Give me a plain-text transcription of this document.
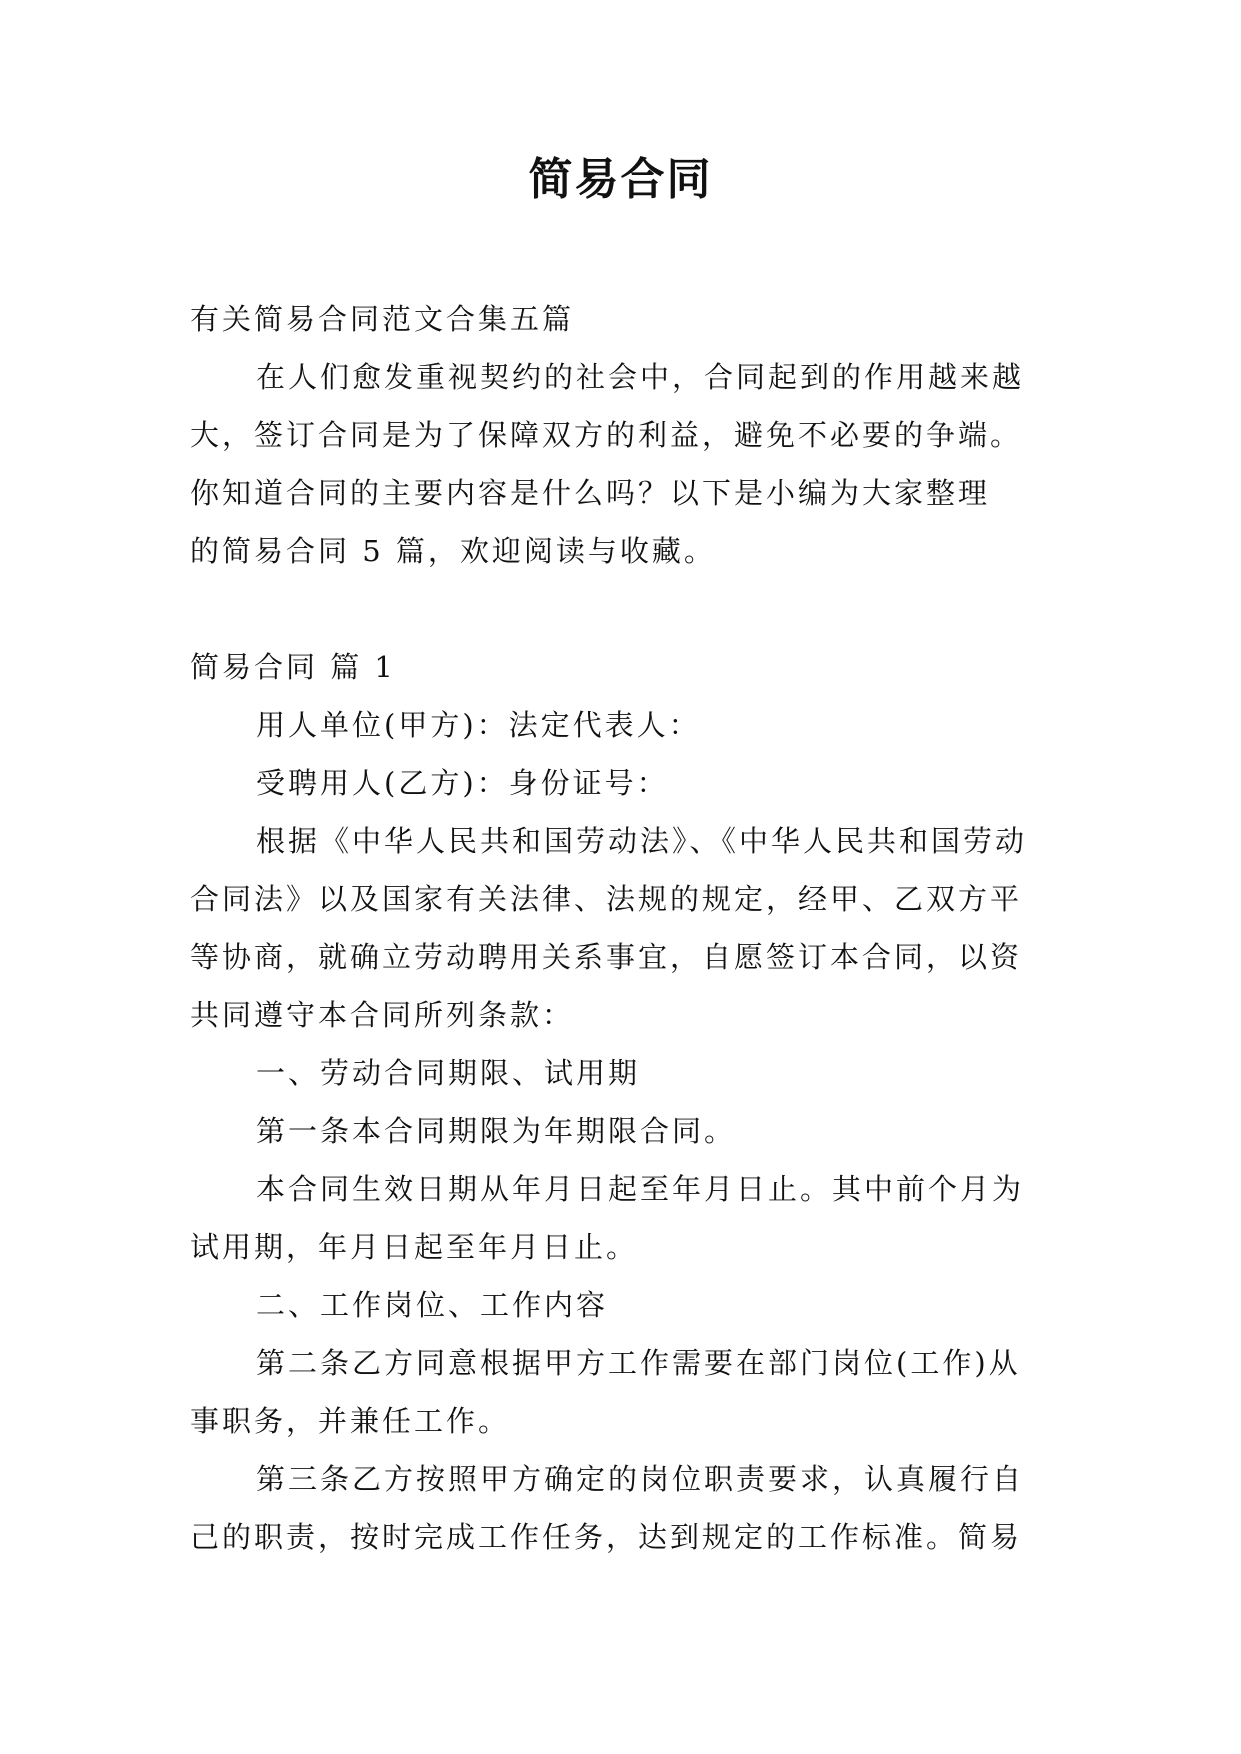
简易合同
有关简易合同范文合集五篇
在人们愈发重视契约的社会中，合同起到的作用越来越
大，签订合同是为了保障双方的利益，避免不必要的争端。
你知道合同的主要内容是什么吗？以下是小编为大家整理
的简易合同 5 篇，欢迎阅读与收藏。
简易合同 篇 1
用人单位(甲方)：法定代表人：
受聘用人(乙方)：身份证号：
根据《中华人民共和国劳动法》、《中华人民共和国劳动
合同法》以及国家有关法律、法规的规定，经甲、乙双方平
等协商，就确立劳动聘用关系事宜，自愿签订本合同，以资
共同遵守本合同所列条款：
一、劳动合同期限、试用期
第一条本合同期限为年期限合同。
本合同生效日期从年月日起至年月日止。其中前个月为
试用期，年月日起至年月日止。
二、工作岗位、工作内容
第二条乙方同意根据甲方工作需要在部门岗位(工作)从
事职务，并兼任工作。
第三条乙方按照甲方确定的岗位职责要求，认真履行自
己的职责，按时完成工作任务，达到规定的工作标准。简易
